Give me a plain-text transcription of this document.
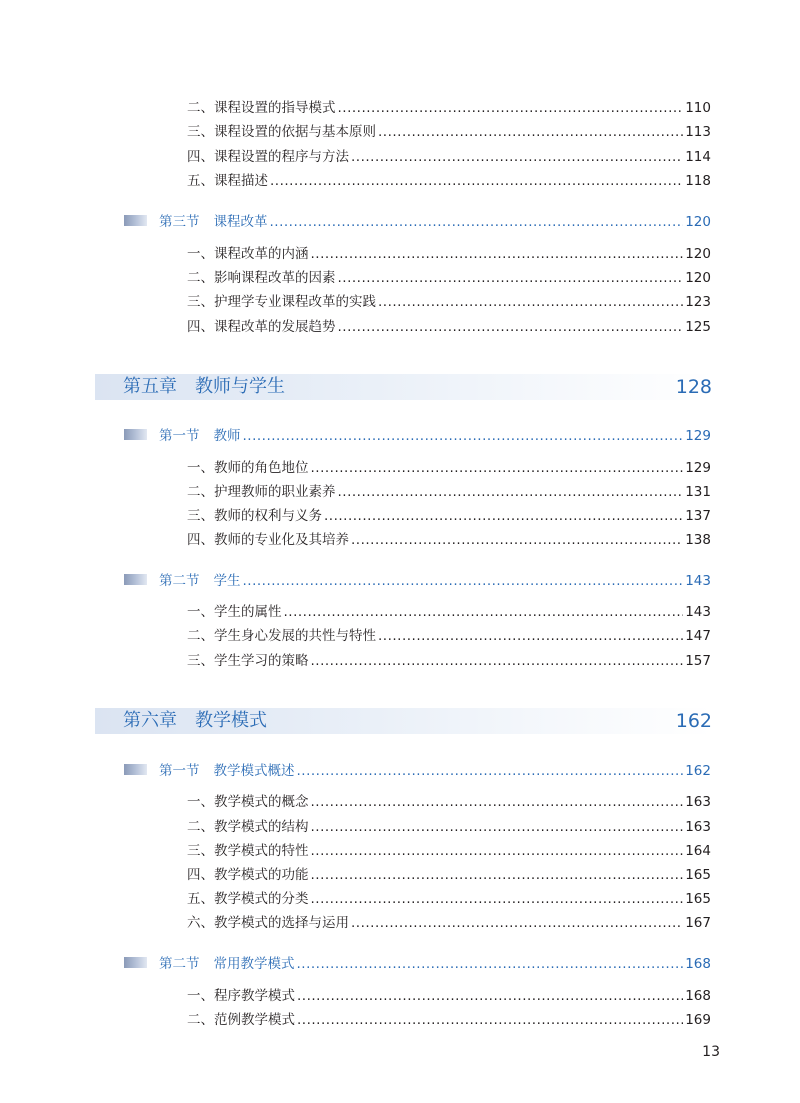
二、课程设置的指导模式 .....	110
三、课程设置的依据与基本原则 .....	113
四、课程设置的程序与方法 .....	114
五、课程描述 .....	118
第三节 课程改革 .....	120
一、课程改革的内涵 .....	120
二、影响课程改革的因素 .....	120
三、护理学专业课程改革的实践 .....	123
四、课程改革的发展趋势 .....	125
第五章　教师与学生	128
第一节 教师 .....	129
一、教师的角色地位 .....	129
二、护理教师的职业素养 .....	131
三、教师的权利与义务 .....	137
四、教师的专业化及其培养 .....	138
第二节 学生 .....	143
一、学生的属性 .....	143
二、学生身心发展的共性与特性 .....	147
三、学生学习的策略 .....	157
第六章　教学模式	162
第一节 教学模式概述 .....	162
一、教学模式的概念 .....	163
二、教学模式的结构 .....	163
三、教学模式的特性 .....	164
四、教学模式的功能 .....	165
五、教学模式的分类 .....	165
六、教学模式的选择与运用 .....	167
第二节 常用教学模式 .....	168
一、程序教学模式 .....	168
二、范例教学模式 .....	169
13
